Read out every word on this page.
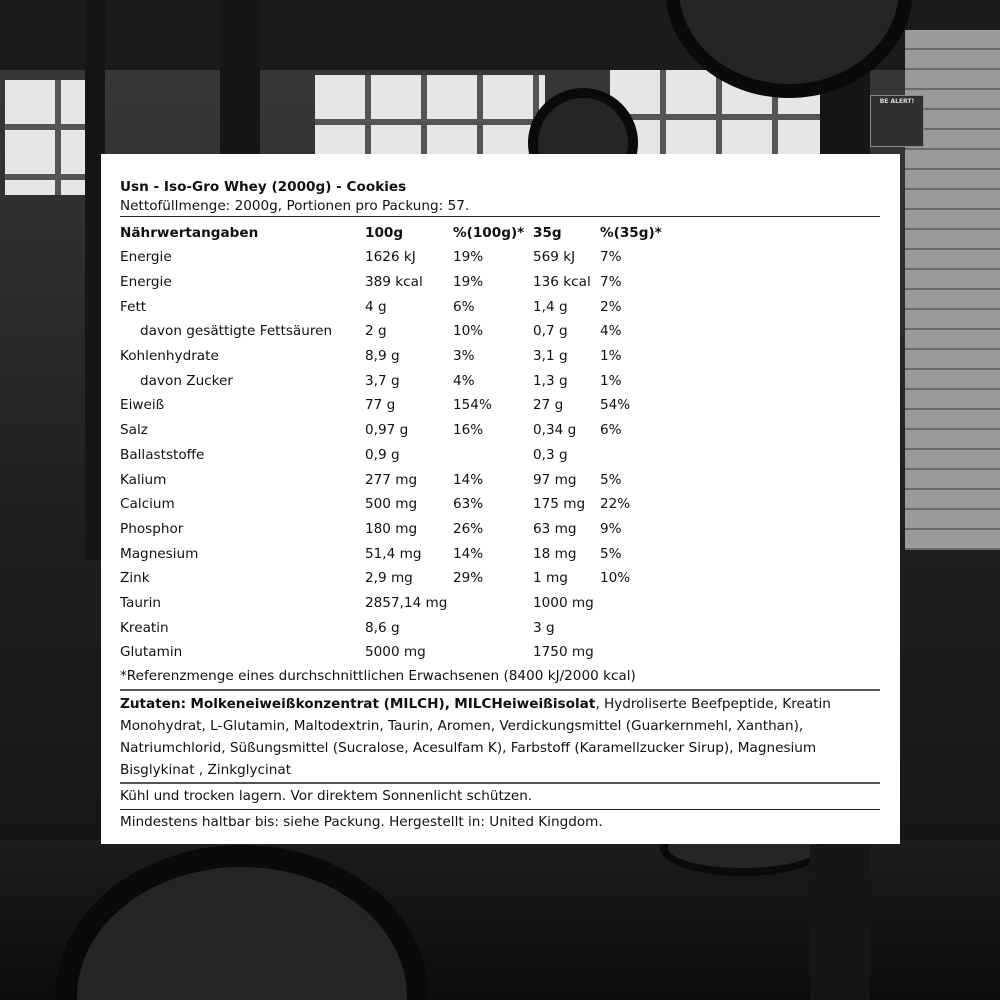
BE ALERT!
Usn - Iso-Gro Whey (2000g) - Cookies
Nettofüllmenge: 2000g, Portionen pro Packung: 57.
Nährwertangaben	100g	%(100g)*	35g	%(35g)*
Energie	1626 kJ	19%	569 kJ	7%
Energie	389 kcal	19%	136 kcal	7%
Fett	4 g	6%	1,4 g	2%
davon gesättigte Fettsäuren	2 g	10%	0,7 g	4%
Kohlenhydrate	8,9 g	3%	3,1 g	1%
davon Zucker	3,7 g	4%	1,3 g	1%
Eiweiß	77 g	154%	27 g	54%
Salz	0,97 g	16%	0,34 g	6%
Ballaststoffe	0,9 g		0,3 g	
Kalium	277 mg	14%	97 mg	5%
Calcium	500 mg	63%	175 mg	22%
Phosphor	180 mg	26%	63 mg	9%
Magnesium	51,4 mg	14%	18 mg	5%
Zink	2,9 mg	29%	1 mg	10%
Taurin	2857,14 mg		1000 mg	
Kreatin	8,6 g		3 g	
Glutamin	5000 mg		1750 mg	
*Referenzmenge eines durchschnittlichen Erwachsenen (8400 kJ/2000 kcal)
Zutaten: Molkeneiweißkonzentrat (MILCH), MILCHeiweißisolat, Hydroliserte Beefpeptide, Kreatin Monohydrat, L-Glutamin, Maltodextrin, Taurin, Aromen, Verdickungsmittel (Guarkernmehl, Xanthan), Natriumchlorid, Süßungsmittel (Sucralose, Acesulfam K), Farbstoff (Karamellzucker Sirup), Magnesium Bisglykinat , Zinkglycinat
Kühl und trocken lagern. Vor direktem Sonnenlicht schützen.
Mindestens haltbar bis: siehe Packung. Hergestellt in: United Kingdom.
